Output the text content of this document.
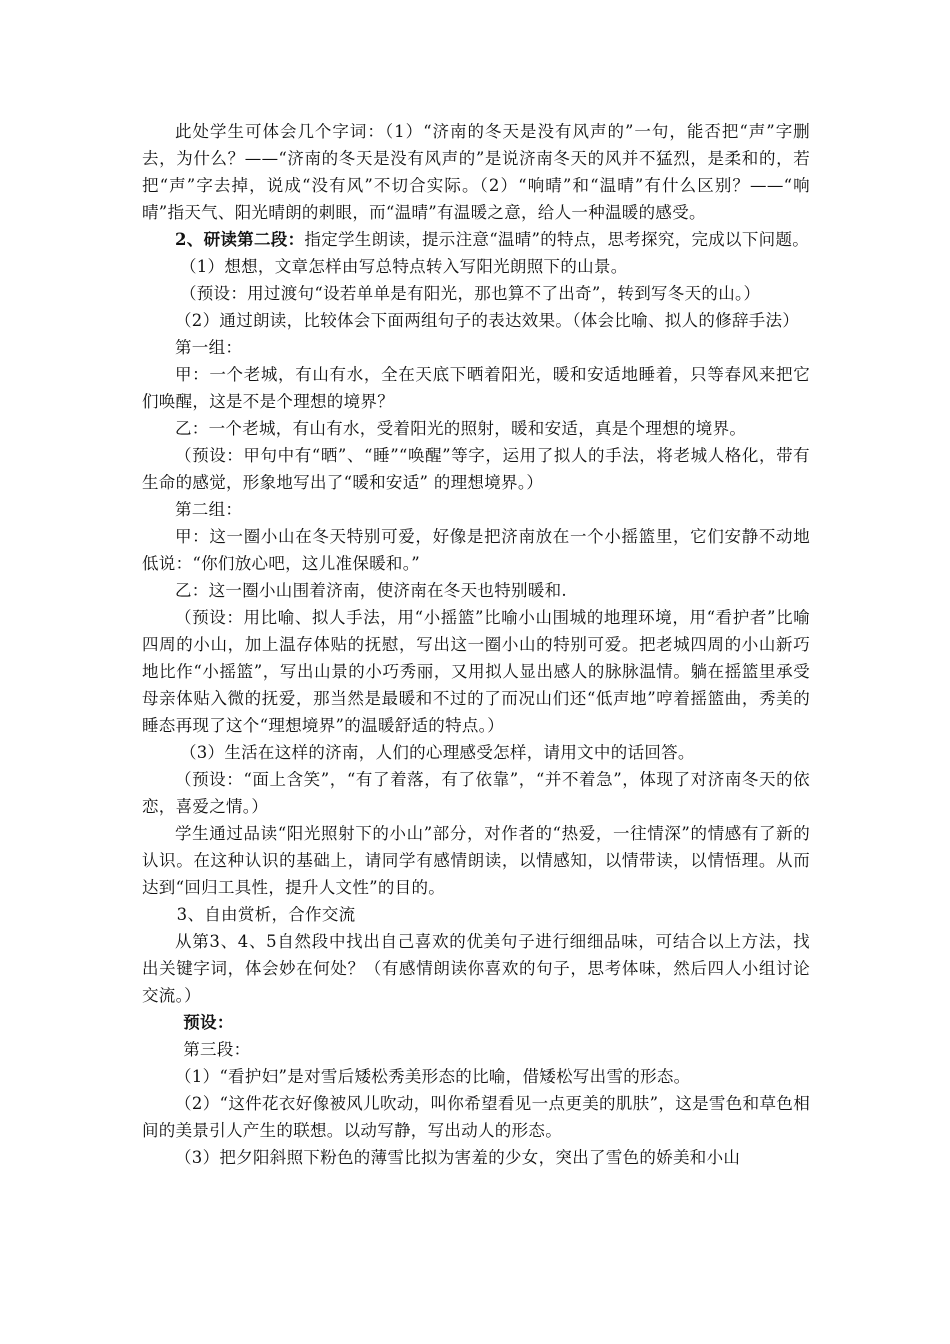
此处学生可体会几个字词：（1）“济南的冬天是没有风声的”一句，能否把“声”字删去，为什么？——“济南的冬天是没有风声的”是说济南冬天的风并不猛烈，是柔和的，若把“声”字去掉，说成“没有风”不切合实际。（2）“响晴”和“温晴”有什么区别？——“响晴”指天气、阳光晴朗的刺眼，而“温晴”有温暖之意，给人一种温暖的感受。

2、研读第二段：指定学生朗读，提示注意“温晴”的特点，思考探究，完成以下问题。

（1）想想，文章怎样由写总特点转入写阳光朗照下的山景。

（预设：用过渡句“设若单单是有阳光，那也算不了出奇”，转到写冬天的山。）

（2）通过朗读，比较体会下面两组句子的表达效果。（体会比喻、拟人的修辞手法）

第一组：

甲：一个老城，有山有水，全在天底下晒着阳光，暖和安适地睡着，只等春风来把它们唤醒，这是不是个理想的境界？

乙：一个老城，有山有水，受着阳光的照射，暖和安适，真是个理想的境界。

（预设：甲句中有“晒”、“睡”“唤醒”等字，运用了拟人的手法，将老城人格化，带有生命的感觉，形象地写出了“暖和安适” 的理想境界。）

第二组：

甲：这一圈小山在冬天特别可爱，好像是把济南放在一个小摇篮里，它们安静不动地低说：“你们放心吧，这儿准保暖和。”

乙：这一圈小山围着济南，使济南在冬天也特别暖和.

（预设：用比喻、拟人手法，用“小摇篮”比喻小山围城的地理环境，用“看护者”比喻四周的小山，加上温存体贴的抚慰，写出这一圈小山的特别可爱。把老城四周的小山新巧地比作“小摇篮”，写出山景的小巧秀丽，又用拟人显出感人的脉脉温情。躺在摇篮里承受母亲体贴入微的抚爱，那当然是最暖和不过的了而况山们还“低声地”哼着摇篮曲，秀美的睡态再现了这个“理想境界”的温暖舒适的特点。）

（3）生活在这样的济南，人们的心理感受怎样，请用文中的话回答。

（预设：“面上含笑”，“有了着落，有了依靠”，“并不着急”，体现了对济南冬天的依恋，喜爱之情。）

学生通过品读“阳光照射下的小山”部分，对作者的“热爱，一往情深”的情感有了新的认识。在这种认识的基础上，请同学有感情朗读，以情感知，以情带读，以情悟理。从而达到“回归工具性，提升人文性”的目的。

3、自由赏析，合作交流

从第3、4、5自然段中找出自己喜欢的优美句子进行细细品味，可结合以上方法，找出关键字词，体会妙在何处？（有感情朗读你喜欢的句子，思考体味，然后四人小组讨论交流。）

预设：

第三段：

（1）“看护妇”是对雪后矮松秀美形态的比喻，借矮松写出雪的形态。

（2）“这件花衣好像被风儿吹动，叫你希望看见一点更美的肌肤”，这是雪色和草色相间的美景引人产生的联想。以动写静，写出动人的形态。

（3）把夕阳斜照下粉色的薄雪比拟为害羞的少女，突出了雪色的娇美和小山
